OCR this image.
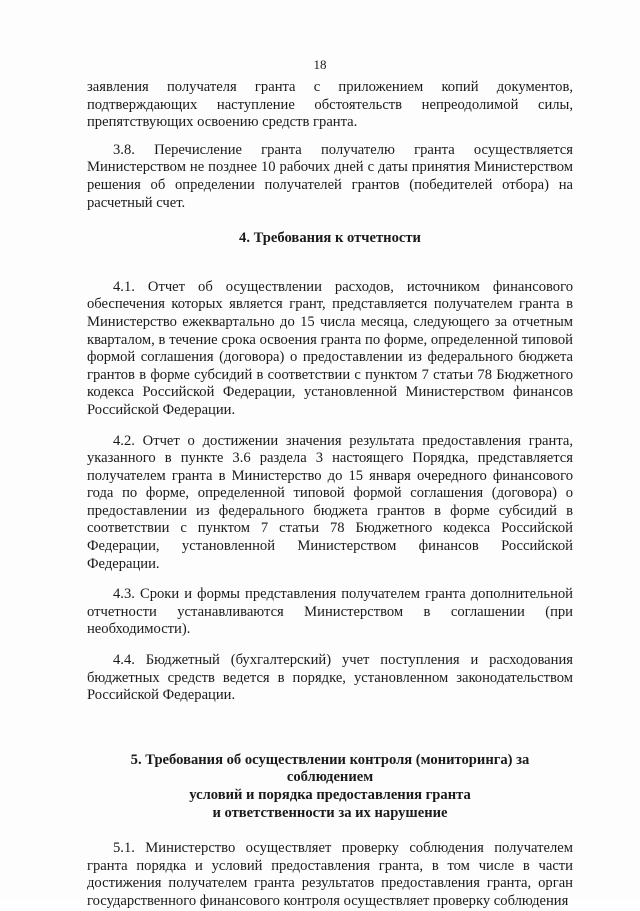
18

заявления получателя гранта с приложением копий документов, подтверждающих наступление обстоятельств непреодолимой силы, препятствующих освоению средств гранта.

3.8. Перечисление гранта получателю гранта осуществляется Министерством не позднее 10 рабочих дней с даты принятия Министерством решения об определении получателей грантов (победителей отбора) на расчетный счет.

4. Требования к отчетности

4.1. Отчет об осуществлении расходов, источником финансового обеспечения которых является грант, представляется получателем гранта в Министерство ежеквартально до 15 числа месяца, следующего за отчетным кварталом, в течение срока освоения гранта по форме, определенной типовой формой соглашения (договора) о предоставлении из федерального бюджета грантов в форме субсидий в соответствии с пунктом 7 статьи 78 Бюджетного кодекса Российской Федерации, установленной Министерством финансов Российской Федерации.

4.2. Отчет о достижении значения результата предоставления гранта, указанного в пункте 3.6 раздела 3 настоящего Порядка, представляется получателем гранта в Министерство до 15 января очередного финансового года по форме, определенной типовой формой соглашения (договора) о предоставлении из федерального бюджета грантов в форме субсидий в соответствии с пунктом 7 статьи 78 Бюджетного кодекса Российской Федерации, установленной Министерством финансов Российской Федерации.

4.3. Сроки и формы представления получателем гранта дополнительной отчетности устанавливаются Министерством в соглашении (при необходимости).

4.4. Бюджетный (бухгалтерский) учет поступления и расходования бюджетных средств ведется в порядке, установленном законодательством Российской Федерации.

5. Требования об осуществлении контроля (мониторинга) за соблюдением

условий и порядка предоставления гранта

и ответственности за их нарушение

5.1. Министерство осуществляет проверку соблюдения получателем гранта порядка и условий предоставления гранта, в том числе в части достижения получателем гранта результатов предоставления гранта, орган государственного финансового контроля осуществляет проверку соблюдения
